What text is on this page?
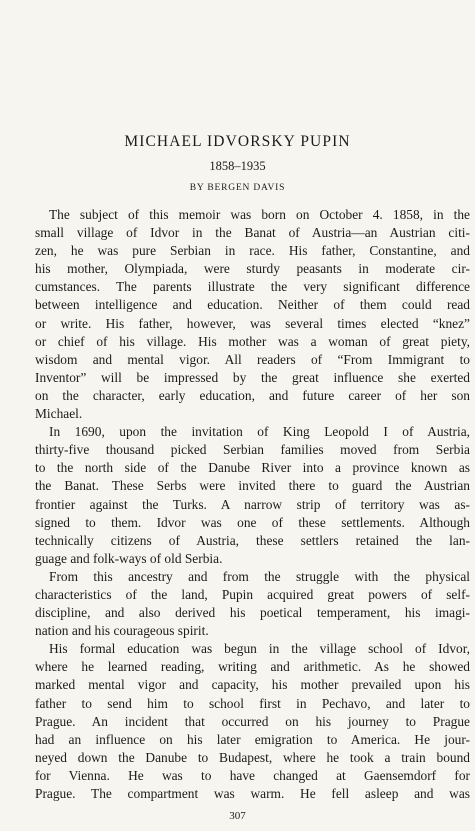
MICHAEL IDVORSKY PUPIN

1858–1935

BY BERGEN DAVIS

The subject of this memoir was born on October 4. 1858, in the
small village of Idvor in the Banat of Austria—an Austrian citi-
zen, he was pure Serbian in race. His father, Constantine, and
his mother, Olympiada, were sturdy peasants in moderate cir-
cumstances. The parents illustrate the very significant difference
between intelligence and education. Neither of them could read
or write. His father, however, was several times elected “knez”
or chief of his village. His mother was a woman of great piety,
wisdom and mental vigor. All readers of “From Immigrant to
Inventor” will be impressed by the great influence she exerted
on the character, early education, and future career of her son
Michael.
In 1690, upon the invitation of King Leopold I of Austria,
thirty-five thousand picked Serbian families moved from Serbia
to the north side of the Danube River into a province known as
the Banat. These Serbs were invited there to guard the Austrian
frontier against the Turks. A narrow strip of territory was as-
signed to them. Idvor was one of these settlements. Although
technically citizens of Austria, these settlers retained the lan-
guage and folk-ways of old Serbia.
From this ancestry and from the struggle with the physical
characteristics of the land, Pupin acquired great powers of self-
discipline, and also derived his poetical temperament, his imagi-
nation and his courageous spirit.
His formal education was begun in the village school of Idvor,
where he learned reading, writing and arithmetic. As he showed
marked mental vigor and capacity, his mother prevailed upon his
father to send him to school first in Pechavo, and later to
Prague. An incident that occurred on his journey to Prague
had an influence on his later emigration to America. He jour-
neyed down the Danube to Budapest, where he took a train bound
for Vienna. He was to have changed at Gaensemdorf for
Prague. The compartment was warm. He fell asleep and was

307
